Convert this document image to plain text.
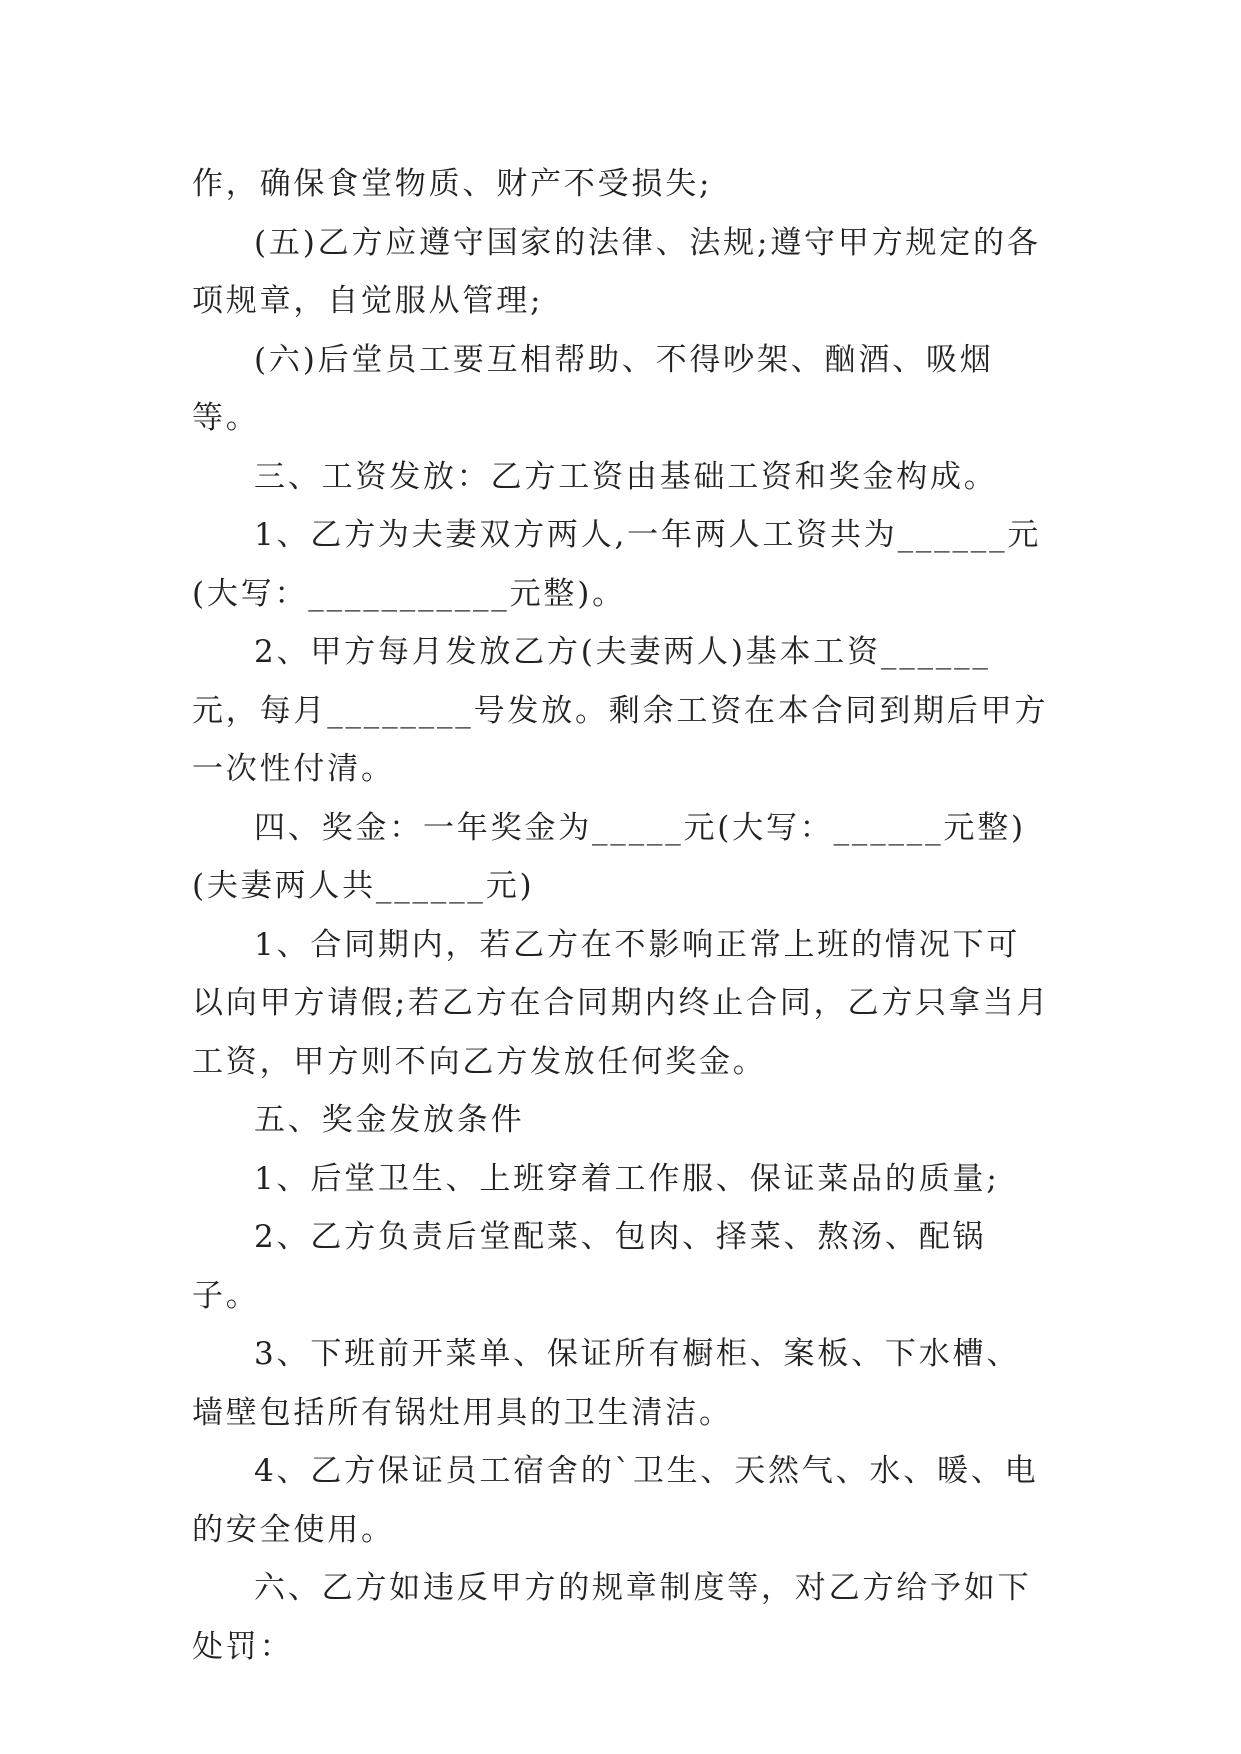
作，确保食堂物质、财产不受损失;

(五)乙方应遵守国家的法律、法规;遵守甲方规定的各项规章，自觉服从管理;

(六)后堂员工要互相帮助、不得吵架、酗酒、吸烟等。

三、工资发放：乙方工资由基础工资和奖金构成。

1、乙方为夫妻双方两人,一年两人工资共为______元(大写：___________元整)。

2、甲方每月发放乙方(夫妻两人)基本工资______元，每月________号发放。剩余工资在本合同到期后甲方一次性付清。

四、奖金：一年奖金为_____元(大写：______元整)(夫妻两人共______元)

1、合同期内，若乙方在不影响正常上班的情况下可以向甲方请假;若乙方在合同期内终止合同，乙方只拿当月工资，甲方则不向乙方发放任何奖金。

五、奖金发放条件

1、后堂卫生、上班穿着工作服、保证菜品的质量;

2、乙方负责后堂配菜、包肉、择菜、熬汤、配锅子。

3、下班前开菜单、保证所有橱柜、案板、下水槽、墙壁包括所有锅灶用具的卫生清洁。

4、乙方保证员工宿舍的`卫生、天然气、水、暖、电的安全使用。

六、乙方如违反甲方的规章制度等，对乙方给予如下处罚：
